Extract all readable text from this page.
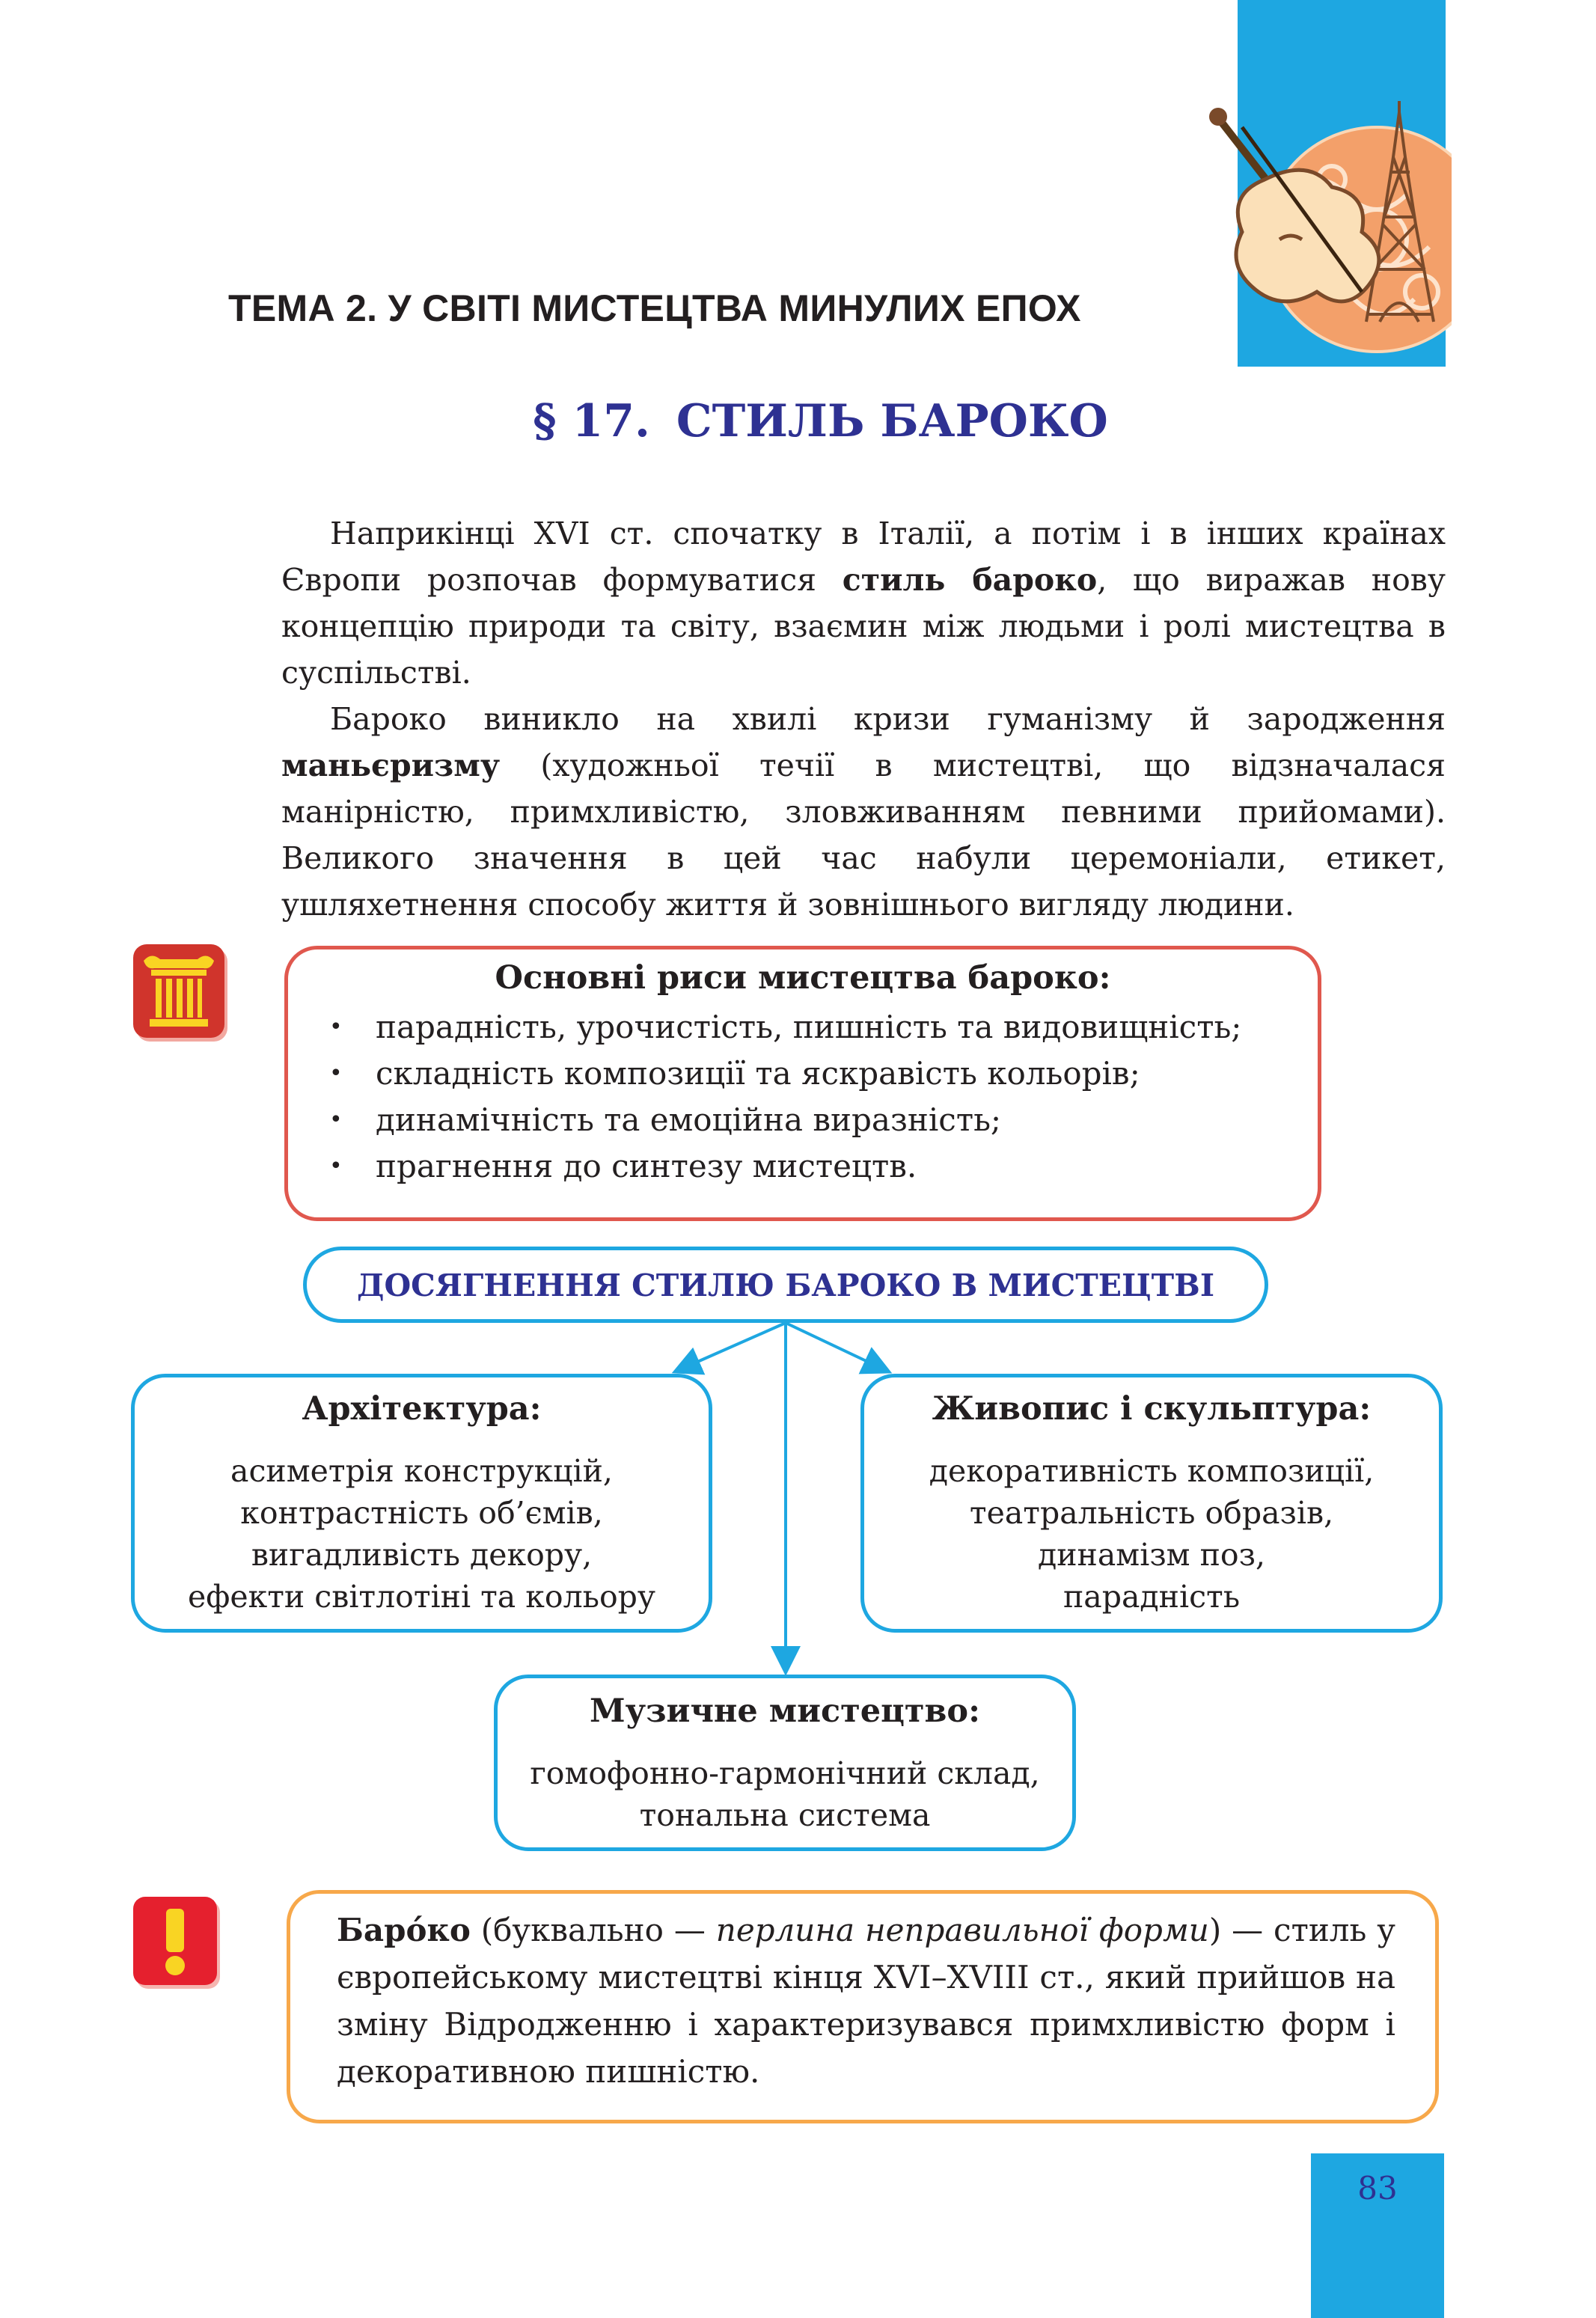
ТЕМА 2. У СВІТІ МИСТЕЦТВА МИНУЛИХ ЕПОХ
§ 17. СТИЛЬ БАРОКО
Наприкінці XVI ст. спочатку в Італії, а потім і в інших країнах Європи розпочав формуватися стиль бароко, що виражав нову концепцію природи та світу, взаємин між людьми і ролі мистецтва в суспільстві.
Бароко виникло на хвилі кризи гуманізму й зародження маньєризму (художньої течії в мистецтві, що відзначалася манірністю, примхливістю, зловживанням певними прийомами). Великого значення в цей час набули церемоніали, етикет, ушляхетнення способу життя й зовнішнього вигляду людини.
Основні риси мистецтва бароко:
• парадність, урочистість, пишність та видовищність;
• складність композиції та яскравість кольорів;
• динамічність та емоційна виразність;
• прагнення до синтезу мистецтв.
ДОСЯГНЕННЯ СТИЛЮ БАРОКО В МИСТЕЦТВІ
Архітектура:
асиметрія конструкцій,
контрастність об’ємів,
вигадливість декору,
ефекти світлотіні та кольору
Живопис і скульптура:
декоративність композиції,
театральність образів,
динамізм поз,
парадність
Музичне мистецтво:
гомофонно-гармонічний склад,
тональна система
Баро́ко (буквально — перлина неправильної форми) — стиль у європейському мистецтві кінця XVI–XVIII ст., який прийшов на зміну Відродженню і характеризувався примхливістю форм і декоративною пишністю.
83
